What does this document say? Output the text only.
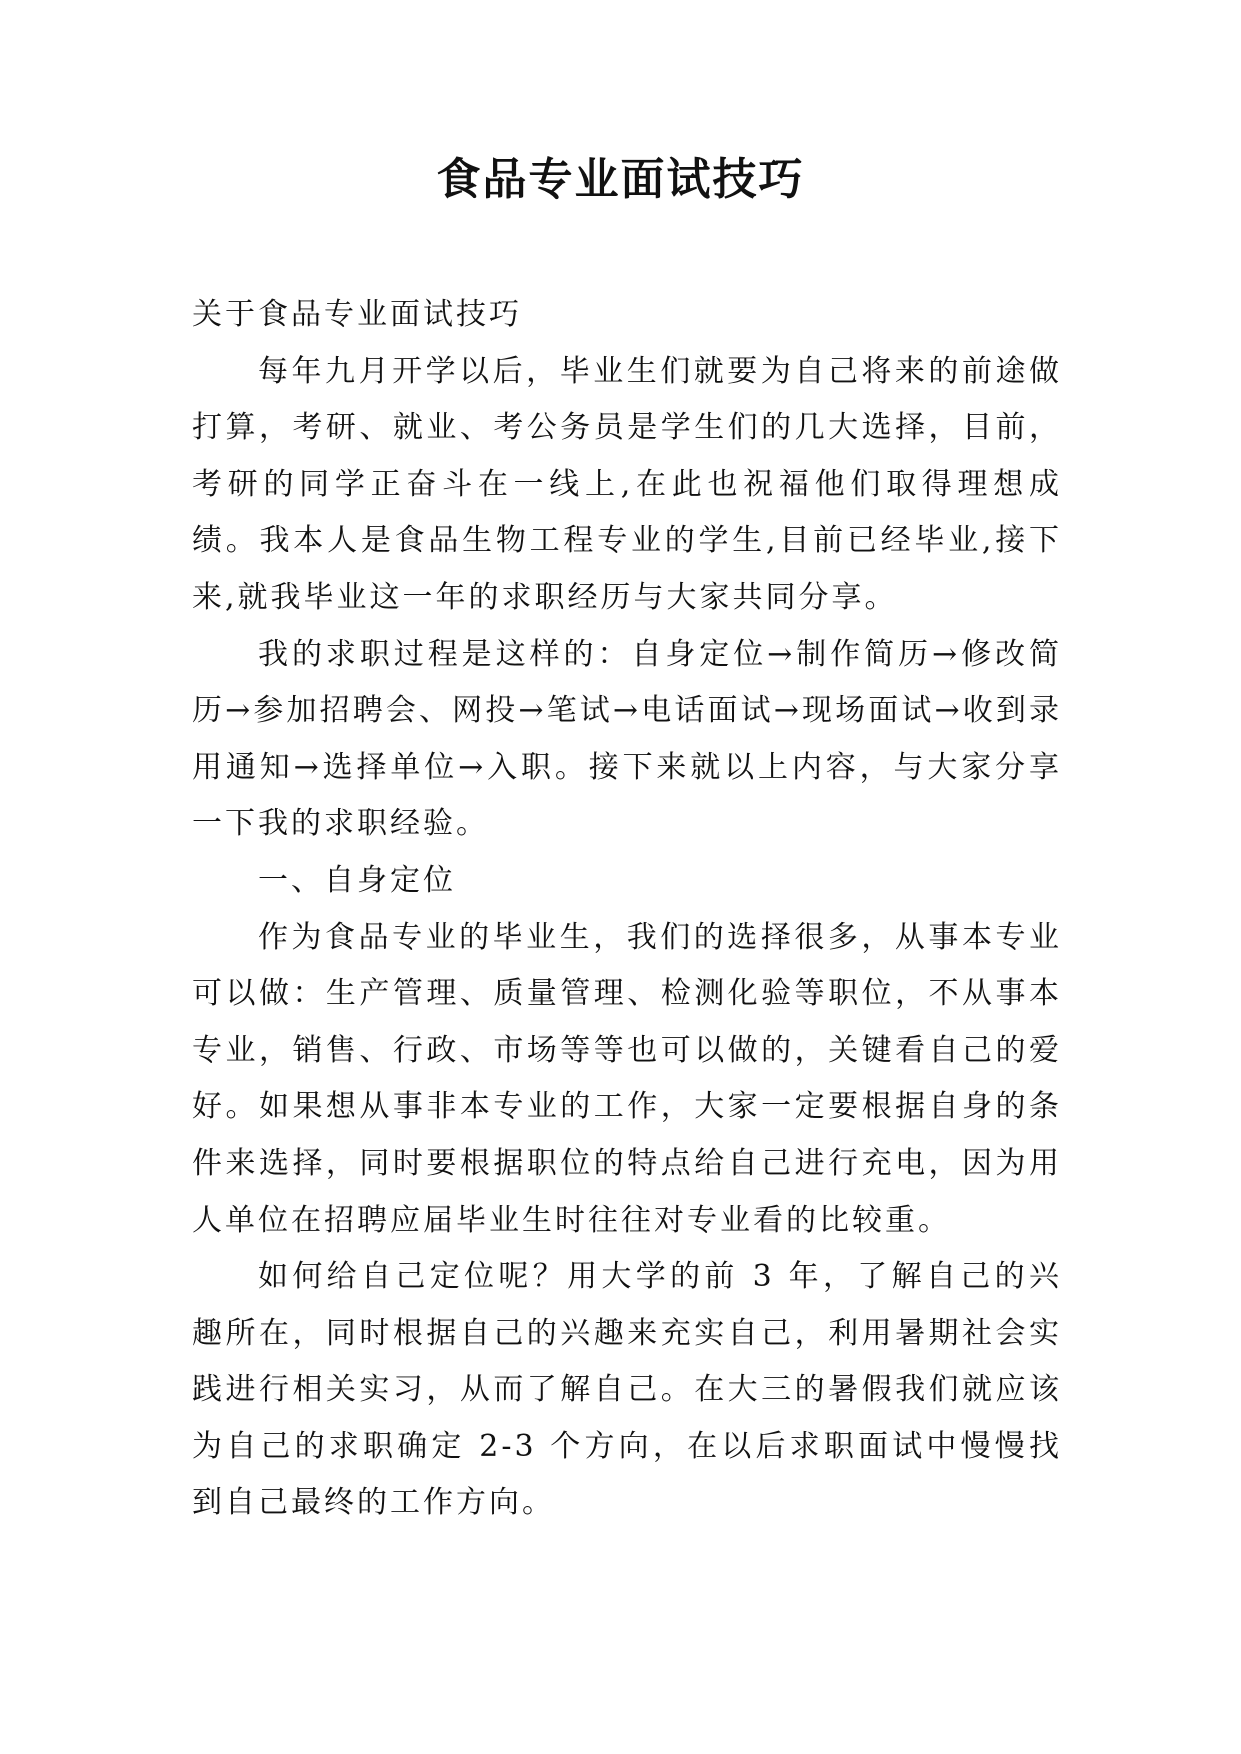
食品专业面试技巧

关于食品专业面试技巧

每年九月开学以后，毕业生们就要为自己将来的前途做打算，考研、就业、考公务员是学生们的几大选择，目前，考研的同学正奋斗在一线上,在此也祝福他们取得理想成绩。我本人是食品生物工程专业的学生,目前已经毕业,接下来,就我毕业这一年的求职经历与大家共同分享。

我的求职过程是这样的：自身定位→制作简历→修改简历→参加招聘会、网投→笔试→电话面试→现场面试→收到录用通知→选择单位→入职。接下来就以上内容，与大家分享一下我的求职经验。

一、自身定位

作为食品专业的毕业生，我们的选择很多，从事本专业可以做：生产管理、质量管理、检测化验等职位，不从事本专业，销售、行政、市场等等也可以做的，关键看自己的爱好。如果想从事非本专业的工作，大家一定要根据自身的条件来选择，同时要根据职位的特点给自己进行充电，因为用人单位在招聘应届毕业生时往往对专业看的比较重。

如何给自己定位呢？用大学的前 3 年，了解自己的兴趣所在，同时根据自己的兴趣来充实自己，利用暑期社会实践进行相关实习，从而了解自己。在大三的暑假我们就应该为自己的求职确定 2-3 个方向，在以后求职面试中慢慢找到自己最终的工作方向。
